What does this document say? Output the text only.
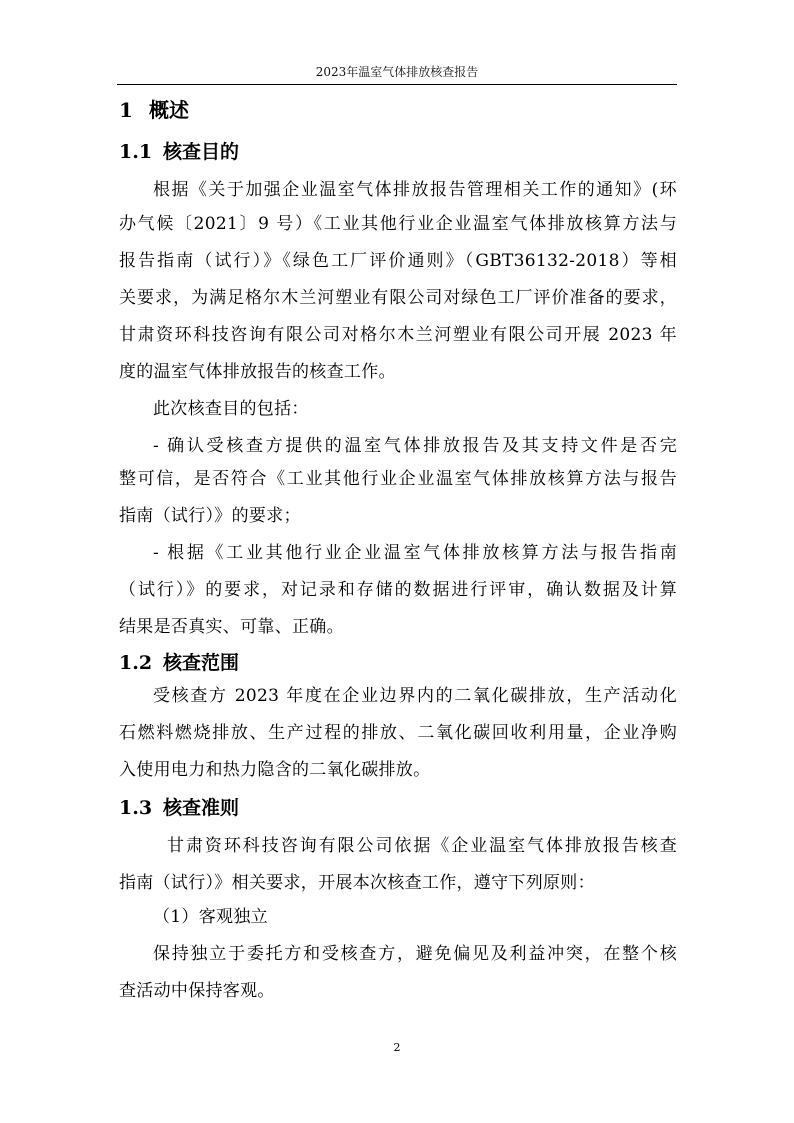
2023年温室气体排放核查报告
1 概述
1.1 核查目的
根据《关于加强企业温室气体排放报告管理相关工作的通知》(环
办气候〔2021〕9 号）《工业其他行业企业温室气体排放核算方法与
报告指南（试行）》《绿色工厂评价通则》（GBT36132-2018）等相
关要求，为满足格尔木兰河塑业有限公司对绿色工厂评价准备的要求，
甘肃资环科技咨询有限公司对格尔木兰河塑业有限公司开展 2023 年
度的温室气体排放报告的核查工作。
此次核查目的包括：
- 确认受核查方提供的温室气体排放报告及其支持文件是否完
整可信，是否符合《工业其他行业企业温室气体排放核算方法与报告
指南（试行）》的要求；
- 根据《工业其他行业企业温室气体排放核算方法与报告指南
（试行）》的要求，对记录和存储的数据进行评审，确认数据及计算
结果是否真实、可靠、正确。
1.2 核查范围
受核查方 2023 年度在企业边界内的二氧化碳排放，生产活动化
石燃料燃烧排放、生产过程的排放、二氧化碳回收利用量，企业净购
入使用电力和热力隐含的二氧化碳排放。
1.3 核查准则
甘肃资环科技咨询有限公司依据《企业温室气体排放报告核查
指南（试行）》相关要求，开展本次核查工作，遵守下列原则：
（1）客观独立
保持独立于委托方和受核查方，避免偏见及利益冲突，在整个核
查活动中保持客观。
2
